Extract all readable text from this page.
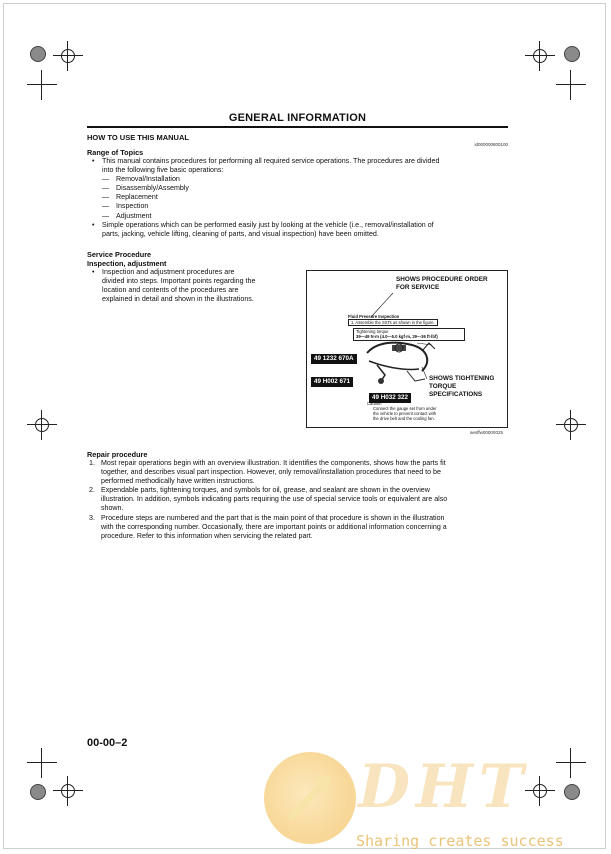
GENERAL INFORMATION
HOW TO USE THIS MANUAL
id000000800100
Range of Topics
• This manual contains procedures for performing all required service operations. The procedures are divided
into the following five basic operations:
— Removal/Installation
— Disassembly/Assembly
— Replacement
— Inspection
— Adjustment
• Simple operations which can be performed easily just by looking at the vehicle (i.e., removal/installation of
parts, jacking, vehicle lifting, cleaning of parts, and visual inspection) have been omitted.
Service Procedure
Inspection, adjustment
• Inspection and adjustment procedures are
divided into steps. Important points regarding the
location and contents of the procedures are
explained in detail and shown in the illustrations.
SHOWS PROCEDURE ORDER
FOR SERVICE
Fluid Pressure Inspection
1. Assemble the SSTs as shown in the figure.
Tightening torque
39—49 N·m {4.0—5.0 kgf·m, 29—36 ft·lbf}
49 1232 670A
49 H002 671
49 H032 322
SHOWS TIGHTENING
TORQUE
SPECIFICATIONS
Caution
Connect the gauge set from under
the vehicle to prevent contact with
the drive belt and the cooling fan.
aesffw00000025
Repair procedure
1. Most repair operations begin with an overview illustration. It identifies the components, shows how the parts fit
together, and describes visual part inspection. However, only removal/installation procedures that need to be
performed methodically have written instructions.
2. Expendable parts, tightening torques, and symbols for oil, grease, and sealant are shown in the overview
illustration. In addition, symbols indicating parts requiring the use of special service tools or equivalent are also
shown.
3. Procedure steps are numbered and the part that is the main point of that procedure is shown in the illustration
with the corresponding number. Occasionally, there are important points or additional information concerning a
procedure. Refer to this information when servicing the related part.
00-00–2
DHT
Sharing creates success
